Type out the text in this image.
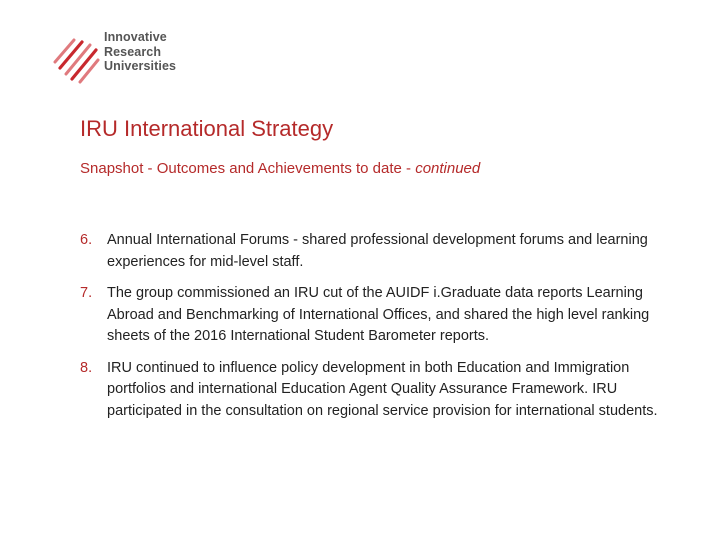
Innovative
Research
Universities
IRU International Strategy

Snapshot - Outcomes and Achievements to date - continued

6. Annual International Forums - shared professional development forums and learning experiences for mid-level staff.
7. The group commissioned an IRU cut of the AUIDF i.Graduate data reports Learning Abroad and Benchmarking of International Offices, and shared the high level ranking sheets of the 2016 International Student Barometer reports.
8. IRU continued to influence policy development in both Education and Immigration portfolios and international Education Agent Quality Assurance Framework. IRU participated in the consultation on regional service provision for international students.
